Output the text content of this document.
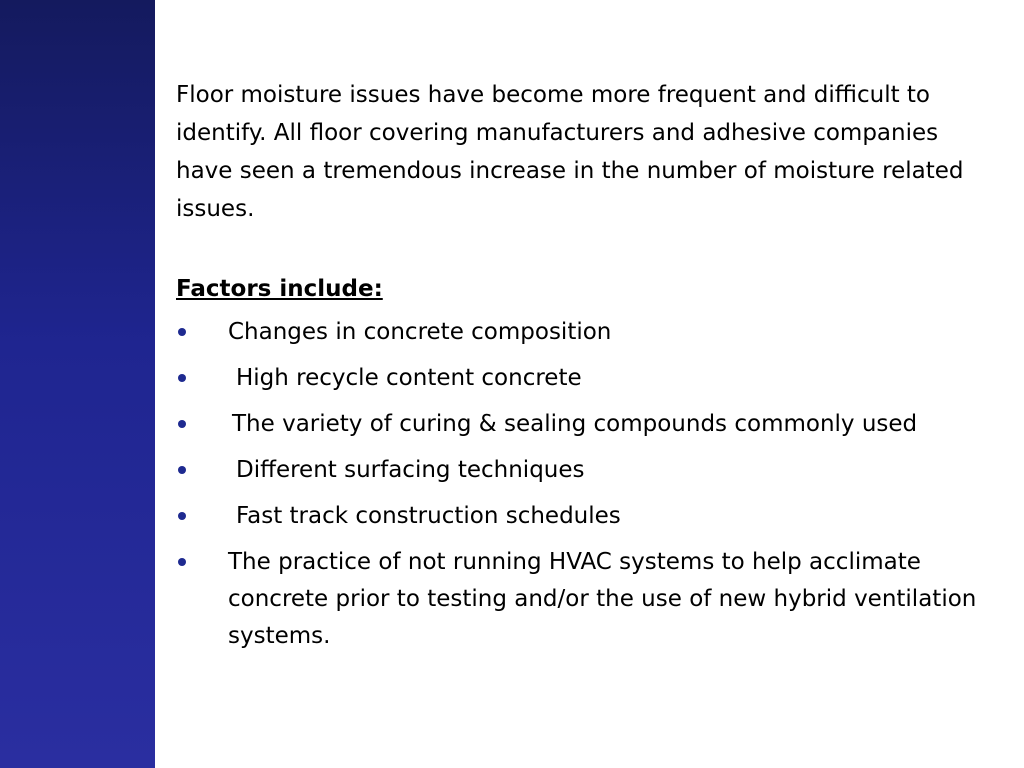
Floor moisture issues have become more frequent and difficult to identify. All floor covering manufacturers and adhesive companies have seen a tremendous increase in the number of moisture related issues.

Factors include:
Changes in concrete composition
High recycle content concrete
The variety of curing & sealing compounds commonly used
Different surfacing techniques
Fast track construction schedules
The practice of not running HVAC systems to help acclimate concrete prior to testing and/or the use of new hybrid ventilation systems.
